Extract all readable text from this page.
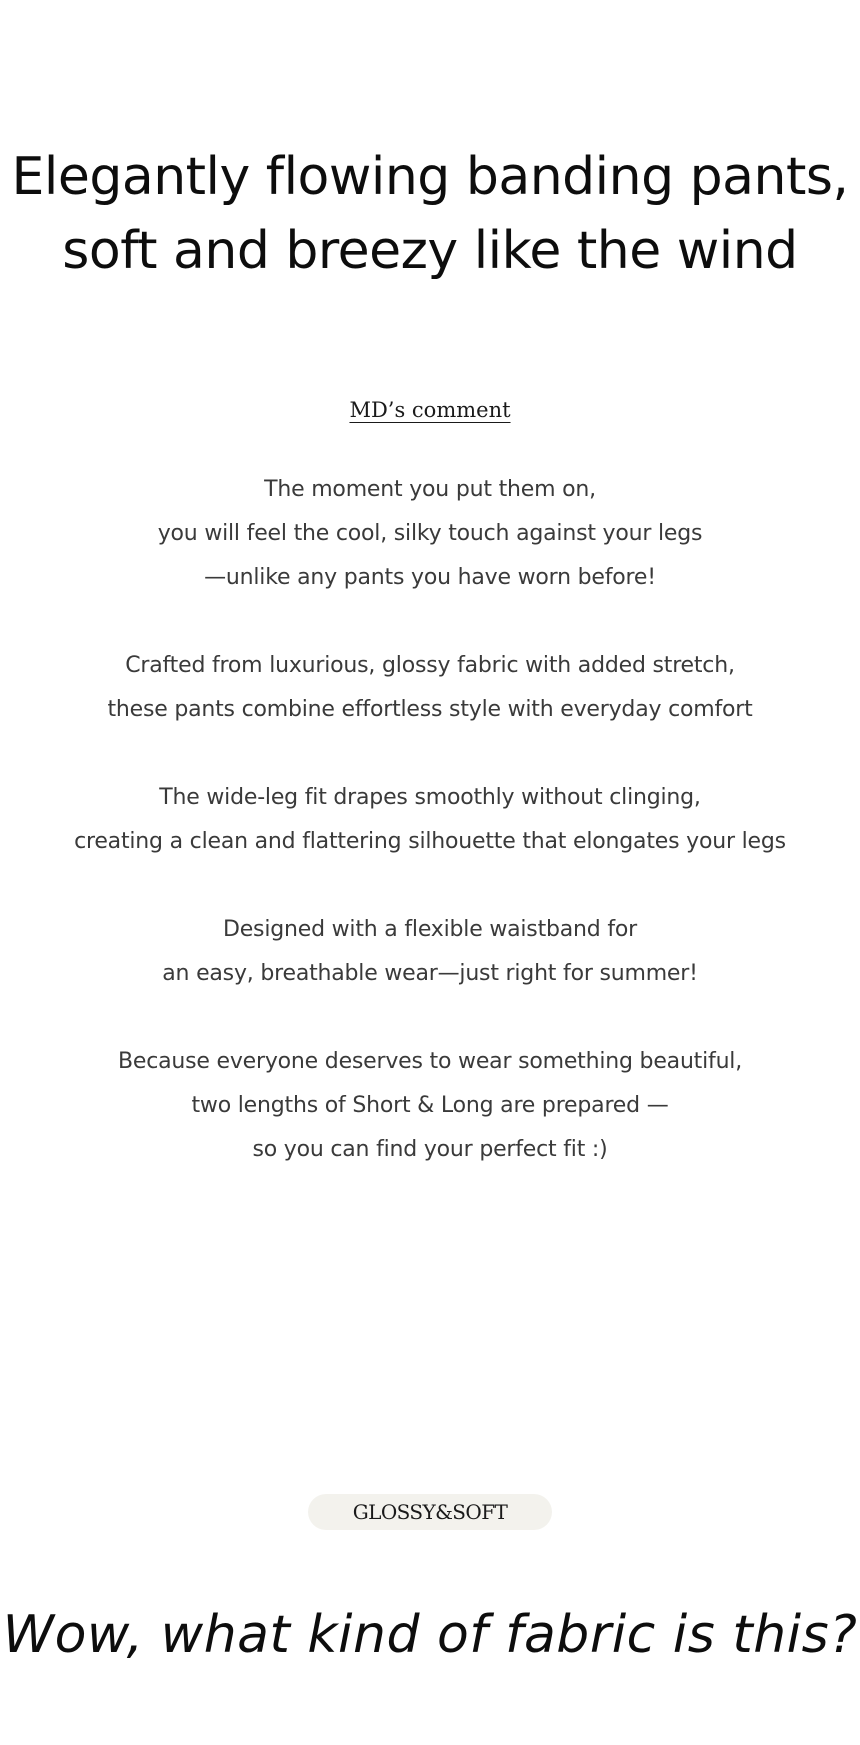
Elegantly flowing banding pants,
soft and breezy like the wind
MD’s comment

The moment you put them on,
you will feel the cool, silky touch against your legs
—unlike any pants you have worn before!

Crafted from luxurious, glossy fabric with added stretch,
these pants combine effortless style with everyday comfort

The wide-leg fit drapes smoothly without clinging,
creating a clean and flattering silhouette that elongates your legs

Designed with a flexible waistband for
an easy, breathable wear—just right for summer!

Because everyone deserves to wear something beautiful,
two lengths of Short & Long are prepared —
so you can find your perfect fit :)

GLOSSY&SOFT
Wow, what kind of fabric is this?
